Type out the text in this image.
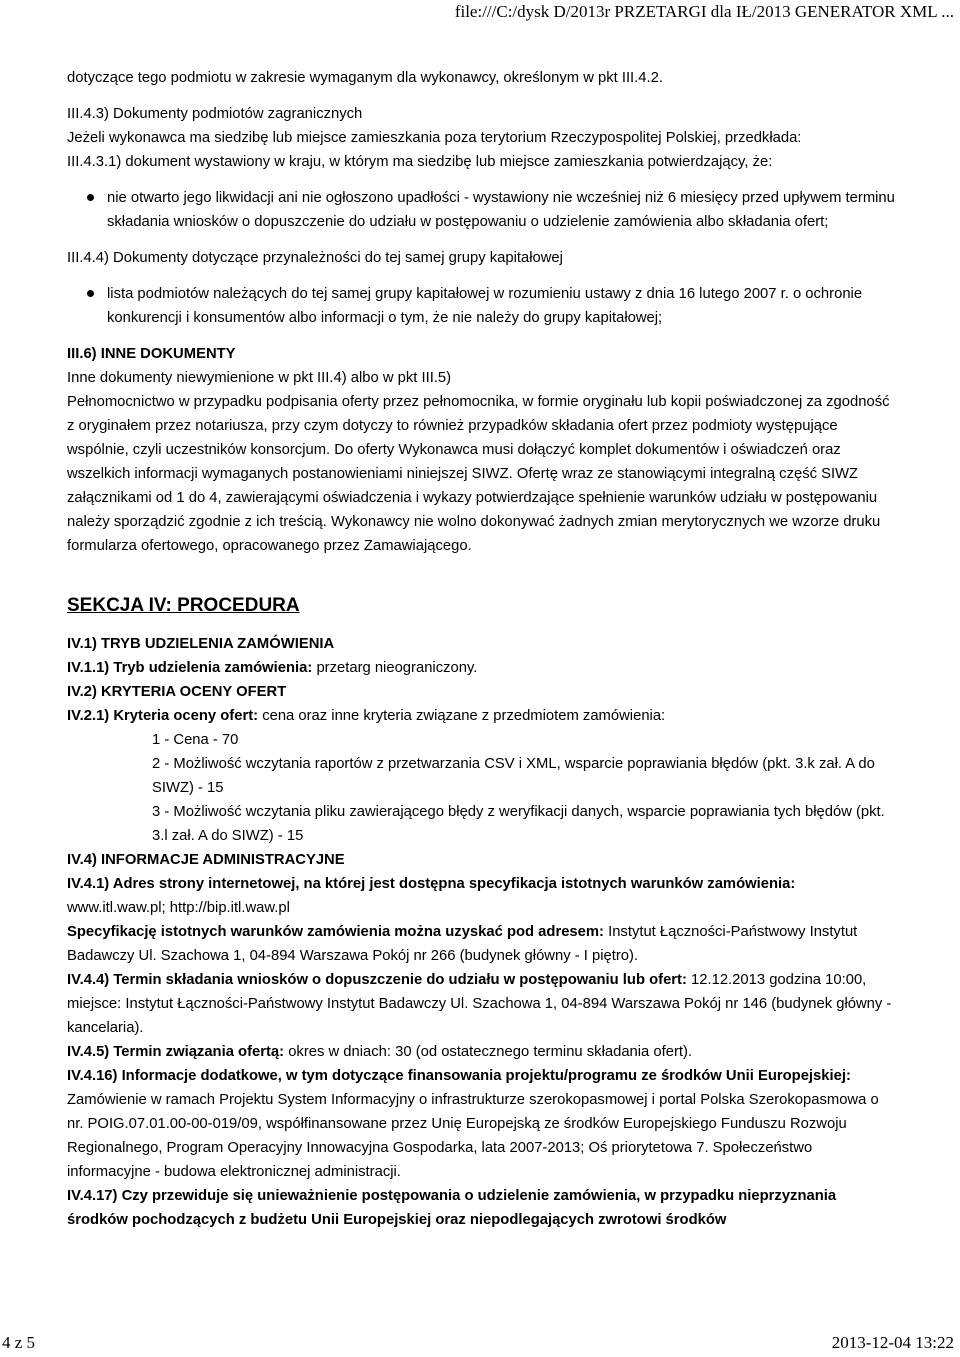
file:///C:/dysk D/2013r PRZETARGI dla IŁ/2013 GENERATOR XML ...

dotyczące tego podmiotu w zakresie wymaganym dla wykonawcy, określonym w pkt III.4.2.

III.4.3) Dokumenty podmiotów zagranicznych

Jeżeli wykonawca ma siedzibę lub miejsce zamieszkania poza terytorium Rzeczypospolitej Polskiej, przedkłada:

III.4.3.1) dokument wystawiony w kraju, w którym ma siedzibę lub miejsce zamieszkania potwierdzający, że:

nie otwarto jego likwidacji ani nie ogłoszono upadłości - wystawiony nie wcześniej niż 6 miesięcy przed upływem terminu składania wniosków o dopuszczenie do udziału w postępowaniu o udzielenie zamówienia albo składania ofert;

III.4.4) Dokumenty dotyczące przynależności do tej samej grupy kapitałowej

lista podmiotów należących do tej samej grupy kapitałowej w rozumieniu ustawy z dnia 16 lutego 2007 r. o ochronie konkurencji i konsumentów albo informacji o tym, że nie należy do grupy kapitałowej;

III.6) INNE DOKUMENTY

Inne dokumenty niewymienione w pkt III.4) albo w pkt III.5)

Pełnomocnictwo w przypadku podpisania oferty przez pełnomocnika, w formie oryginału lub kopii poświadczonej za zgodność z oryginałem przez notariusza, przy czym dotyczy to również przypadków składania ofert przez podmioty występujące wspólnie, czyli uczestników konsorcjum. Do oferty Wykonawca musi dołączyć komplet dokumentów i oświadczeń oraz wszelkich informacji wymaganych postanowieniami niniejszej SIWZ. Ofertę wraz ze stanowiącymi integralną część SIWZ załącznikami od 1 do 4, zawierającymi oświadczenia i wykazy potwierdzające spełnienie warunków udziału w postępowaniu należy sporządzić zgodnie z ich treścią. Wykonawcy nie wolno dokonywać żadnych zmian merytorycznych we wzorze druku formularza ofertowego, opracowanego przez Zamawiającego.

SEKCJA IV: PROCEDURA

IV.1) TRYB UDZIELENIA ZAMÓWIENIA

IV.1.1) Tryb udzielenia zamówienia: przetarg nieograniczony.

IV.2) KRYTERIA OCENY OFERT

IV.2.1) Kryteria oceny ofert: cena oraz inne kryteria związane z przedmiotem zamówienia:

1 - Cena - 70

2 - Możliwość wczytania raportów z przetwarzania CSV i XML, wsparcie poprawiania błędów (pkt. 3.k zał. A do SIWZ) - 15

3 - Możliwość wczytania pliku zawierającego błędy z weryfikacji danych, wsparcie poprawiania tych błędów (pkt. 3.l zał. A do SIWZ) - 15

IV.4) INFORMACJE ADMINISTRACYJNE

IV.4.1) Adres strony internetowej, na której jest dostępna specyfikacja istotnych warunków zamówienia:

www.itl.waw.pl; http://bip.itl.waw.pl

Specyfikację istotnych warunków zamówienia można uzyskać pod adresem: Instytut Łączności-Państwowy Instytut Badawczy Ul. Szachowa 1, 04-894 Warszawa Pokój nr 266 (budynek główny - I piętro).

IV.4.4) Termin składania wniosków o dopuszczenie do udziału w postępowaniu lub ofert: 12.12.2013 godzina 10:00, miejsce: Instytut Łączności-Państwowy Instytut Badawczy Ul. Szachowa 1, 04-894 Warszawa Pokój nr 146 (budynek główny - kancelaria).

IV.4.5) Termin związania ofertą: okres w dniach: 30 (od ostatecznego terminu składania ofert).

IV.4.16) Informacje dodatkowe, w tym dotyczące finansowania projektu/programu ze środków Unii Europejskiej: Zamówienie w ramach Projektu System Informacyjny o infrastrukturze szerokopasmowej i portal Polska Szerokopasmowa o nr. POIG.07.01.00-00-019/09, współfinansowane przez Unię Europejską ze środków Europejskiego Funduszu Rozwoju Regionalnego, Program Operacyjny Innowacyjna Gospodarka, lata 2007-2013; Oś priorytetowa 7. Społeczeństwo informacyjne - budowa elektronicznej administracji.

IV.4.17) Czy przewiduje się unieważnienie postępowania o udzielenie zamówienia, w przypadku nieprzyznania środków pochodzących z budżetu Unii Europejskiej oraz niepodlegających zwrotowi środków

4 z 5	2013-12-04 13:22
